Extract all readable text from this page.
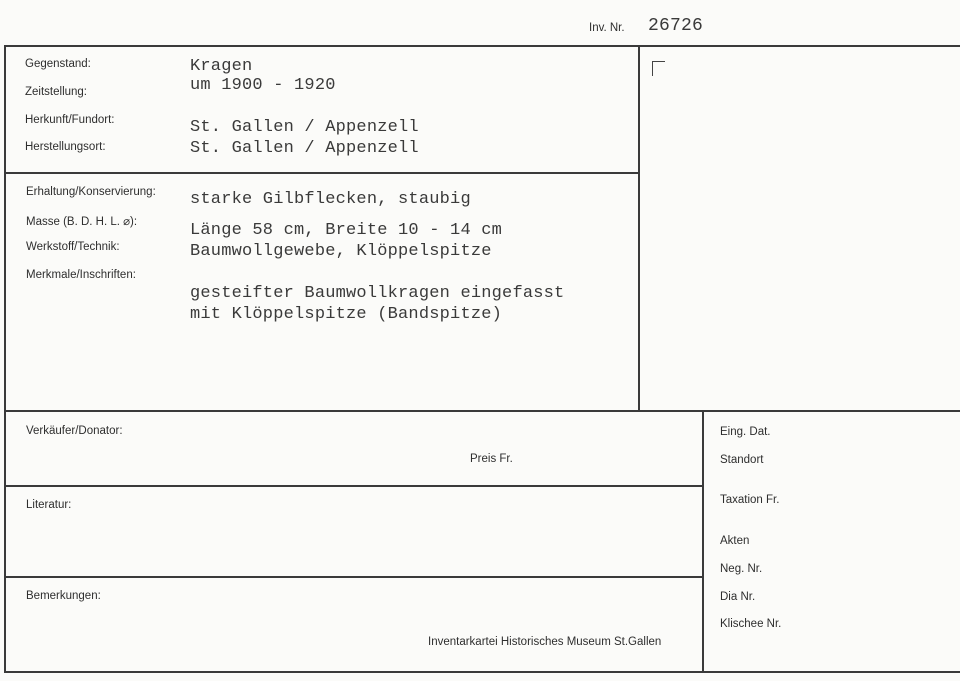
Inv. Nr. 26726
Gegenstand:
Zeitstellung:
Herkunft/Fundort:
Herstellungsort:
Kragen
um 1900 - 1920
St. Gallen / Appenzell
St. Gallen / Appenzell
Erhaltung/Konservierung:
Masse (B. D. H. L. ⌀):
Werkstoff/Technik:
Merkmale/Inschriften:
starke Gilbflecken, staubig
Länge 58 cm, Breite 10 - 14 cm
Baumwollgewebe, Klöppelspitze
gesteifter Baumwollkragen eingefasst
mit Klöppelspitze (Bandspitze)
Verkäufer/Donator:
Preis Fr.
Literatur:
Bemerkungen:
Inventarkartei Historisches Museum St.Gallen
Eing. Dat.
Standort
Taxation Fr.
Akten
Neg. Nr.
Dia Nr.
Klischee Nr.
